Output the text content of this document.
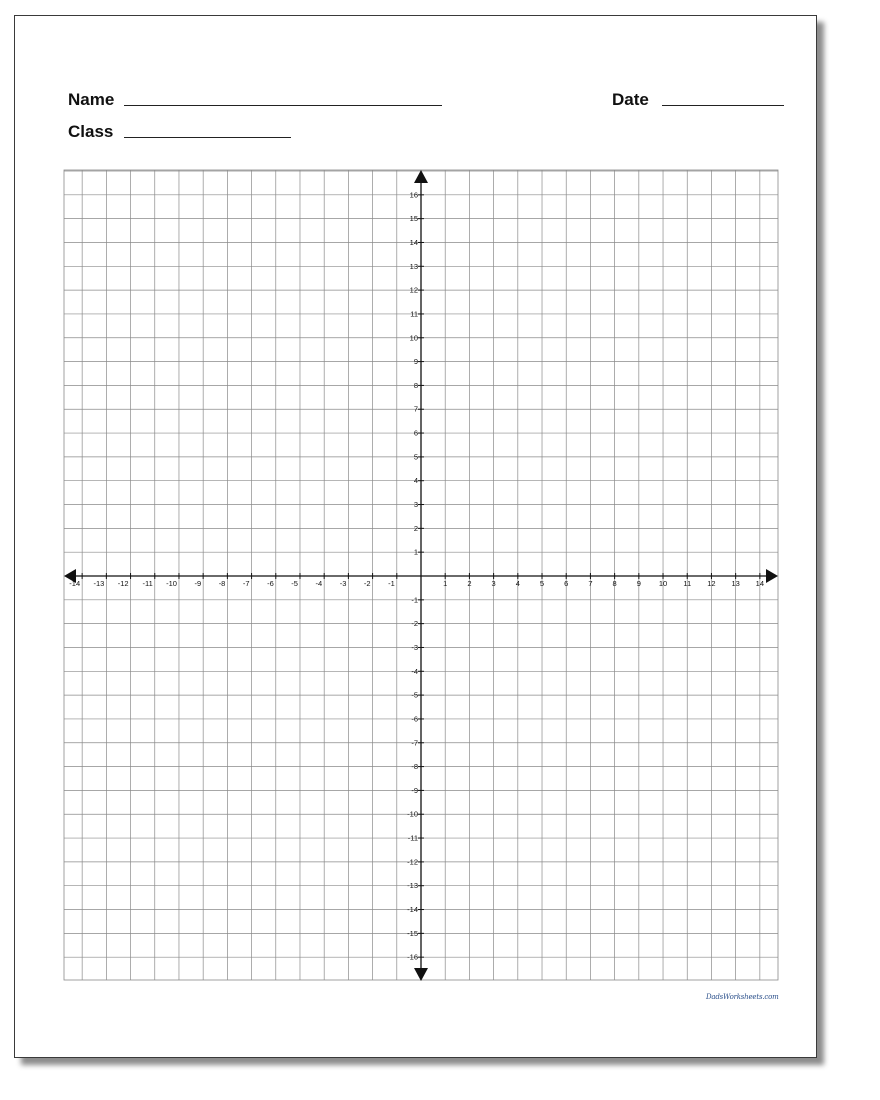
Name	Date
Class
-14 -13 -12 -11 -10 -9 -8 -7 -6 -5 -4 -3 -2 -1	1	2	3	4	5	6	7	8	9 10 11 12 13 14
16
15
14
13
12
11
10
9
8
7
6
5
4
3
2
1
-1
-2
-3
-4
-5
-6
-7
-8
-9
-10
-11
-12
-13
-14
-15
-16
DadsWorksheets.com
